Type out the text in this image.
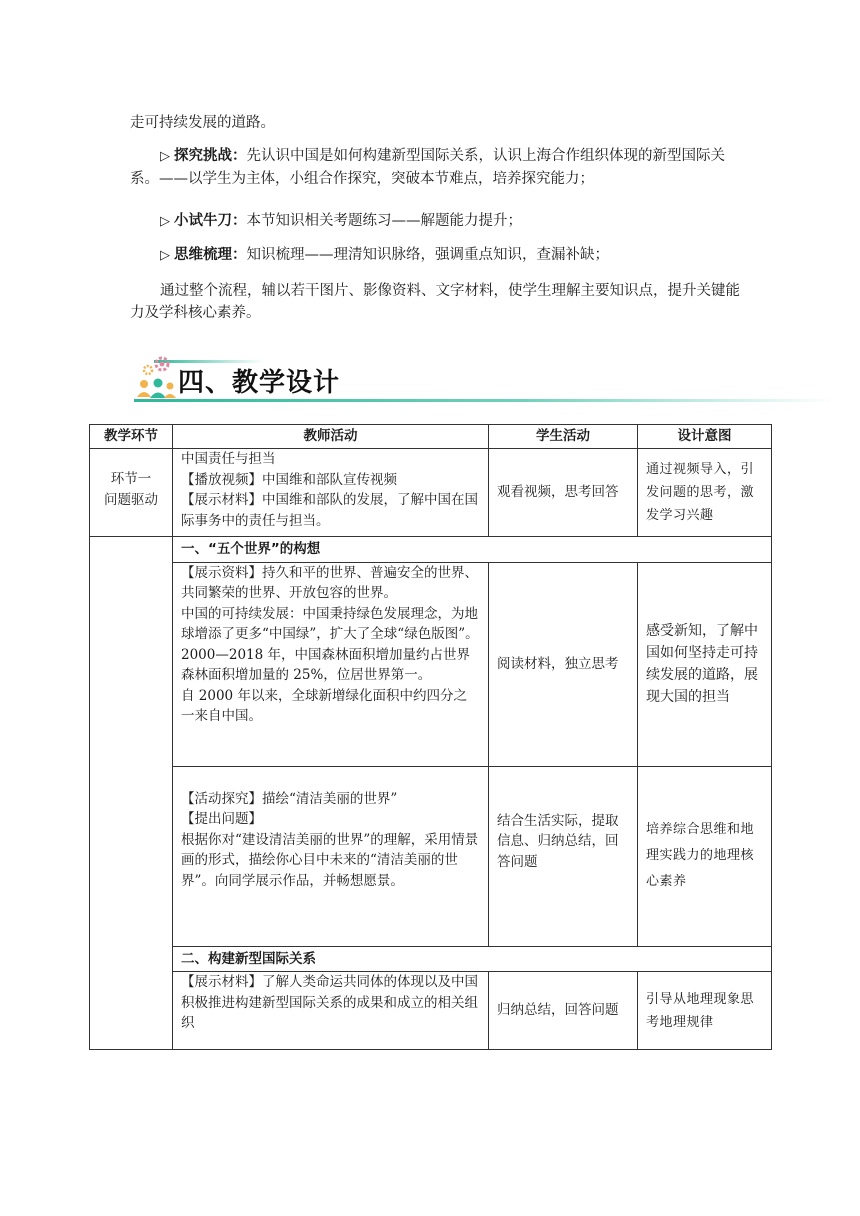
走可持续发展的道路。

▷ 探究挑战：先认识中国是如何构建新型国际关系，认识上海合作组织体现的新型国际关系。——以学生为主体，小组合作探究，突破本节难点，培养探究能力；

▷ 小试牛刀：本节知识相关考题练习——解题能力提升；

▷ 思维梳理：知识梳理——理清知识脉络，强调重点知识，查漏补缺；

通过整个流程，辅以若干图片、影像资料、文字材料，使学生理解主要知识点，提升关键能力及学科核心素养。

四、教学设计
教学环节	教师活动	学生活动	设计意图

环节一
问题驱动	中国责任与担当
【播放视频】中国维和部队宣传视频
【展示材料】中国维和部队的发展，了解中国在国际事务中的责任与担当。	观看视频，思考回答	通过视频导入，引发问题的思考，激发学习兴趣
	一、“五个世界”的构想		

	【展示资料】持久和平的世界、普遍安全的世界、共同繁荣的世界、开放包容的世界。
中国的可持续发展：中国秉持绿色发展理念，为地球增添了更多“中国绿”，扩大了全球“绿色版图”。2000—2018 年，中国森林面积增加量约占世界森林面积增加量的 25%，位居世界第一。
自 2000 年以来，全球新增绿化面积中约四分之一来自中国。	阅读材料，独立思考	感受新知，了解中国如何坚持走可持续发展的道路，展现大国的担当

	【活动探究】描绘“清洁美丽的世界”
【提出问题】
根据你对“建设清洁美丽的世界”的理解，采用情景画的形式，描绘你心目中未来的“清洁美丽的世界”。向同学展示作品，并畅想愿景。	结合生活实际，提取信息、归纳总结，回答问题	培养综合思维和地理实践力的地理核心素养
	二、构建新型国际关系		

	【展示材料】了解人类命运共同体的体现以及中国积极推进构建新型国际关系的成果和成立的相关组织	归纳总结，回答问题	引导从地理现象思考地理规律
